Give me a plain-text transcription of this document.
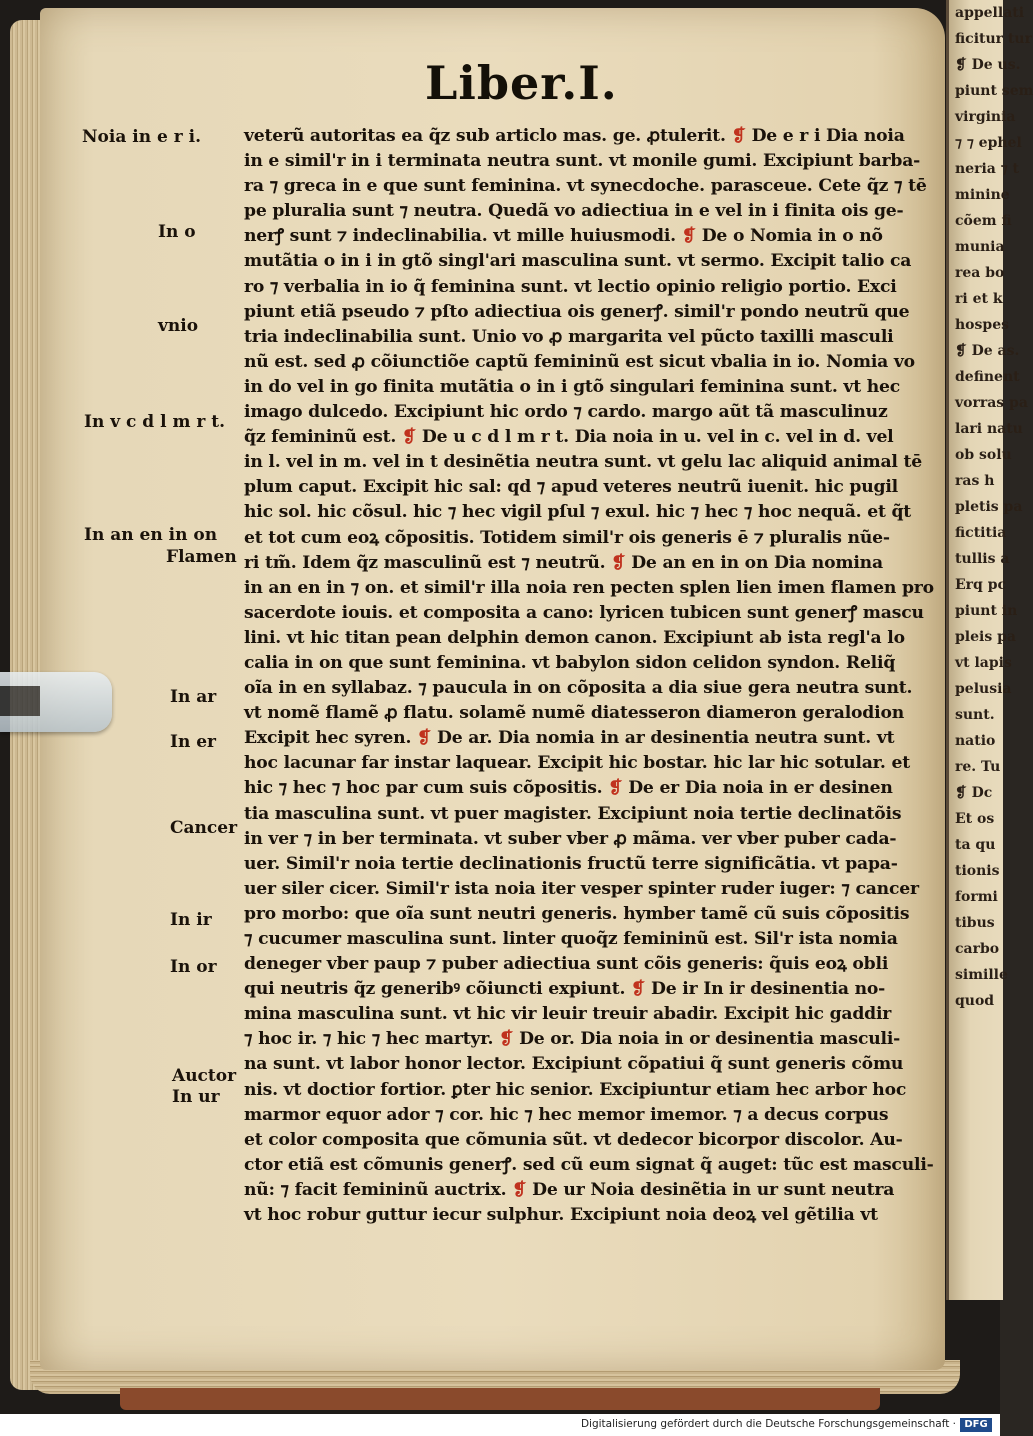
appellati
ficitur tur
❡ De us.
piunt sem
virginia
⁊ ⁊ ephel
neria ⁊ t
minine
cõem fi
munia
rea bo
ri et k
hospes
❡ De as.
definent
vorras pa
lari natu
ob solu
ras h
pletis pa
fictitia
tullis a
Erq pc
piunt in
pleis pa
vt lapis
pelusia
sunt.
natio
re. Tu
❡ Dc
Et os
ta qu
tionis
formi
tibus
carbo
simille
quod
Liber.I.
veterũ autoritas ea q̃z sub articlo mas. ge. ꝓtulerit. ❡ De e r i Dia noia
in e simil'r in i terminata neutra sunt. vt monile gumi. Excipiunt barba-
ra ⁊ greca in e que sunt feminina. vt synecdoche. parasceue. Cete q̃z ⁊ tē
pe pluralia sunt ⁊ neutra. Quedã vo adiectiua in e vel in i finita ois ge-
nerꝭ sunt ⁊ indeclinabilia. vt mille huiusmodi. ❡ De o Nomia in o nõ
mutãtia o in i in gtõ singl'ari masculina sunt. vt sermo. Excipit talio ca
ro ⁊ verbalia in io q̃ feminina sunt. vt lectio opinio religio portio. Exci
piunt etiã pseudo ⁊ pſto adiectiua ois generꝭ. simil'r pondo neutrũ que
tria indeclinabilia sunt. Unio vo ꝓ margarita vel pũcto taxilli masculi
nũ est. sed ꝓ cõiunctiõe captũ femininũ est sicut vbalia in io. Nomia vo
in do vel in go finita mutãtia o in i gtõ singulari feminina sunt. vt hec
imago dulcedo. Excipiunt hic ordo ⁊ cardo. margo aũt tã masculinuz
q̃z femininũ est. ❡ De u c d l m r t. Dia noia in u. vel in c. vel in d. vel
in l. vel in m. vel in t desinẽtia neutra sunt. vt gelu lac aliquid animal tē
plum caput. Excipit hic sal: qd ⁊ apud veteres neutrũ iuenit. hic pugil
hic sol. hic cõsul. hic ⁊ hec vigil pſul ⁊ exul. hic ⁊ hec ⁊ hoc nequã. et q̃t
et tot cum eoꝝ cõpositis. Totidem simil'r ois generis ē ⁊ pluralis nũe-
ri tm̃. Idem q̃z masculinũ est ⁊ neutrũ. ❡ De an en in on Dia nomina
in an en in ⁊ on. et simil'r illa noia ren pecten splen lien imen flamen pro
sacerdote iouis. et composita a cano: lyricen tubicen sunt generꝭ mascu
lini. vt hic titan pean delphin demon canon. Excipiunt ab ista regl'a lo
calia in on que sunt feminina. vt babylon sidon celidon syndon. Reliq̃
oĩa in en syllabaz. ⁊ paucula in on cõposita a dia siue gera neutra sunt.
vt nomẽ flamẽ ꝓ flatu. solamẽ numẽ diatesseron diameron geralodion
Excipit hec syren. ❡ De ar. Dia nomia in ar desinentia neutra sunt. vt
hoc lacunar far instar laquear. Excipit hic bostar. hic lar hic sotular. et
hic ⁊ hec ⁊ hoc par cum suis cõpositis. ❡ De er Dia noia in er desinen
tia masculina sunt. vt puer magister. Excipiunt noia tertie declinatõis
in ver ⁊ in ber terminata. vt suber vber ꝓ mãma. ver vber puber cada-
uer. Simil'r noia tertie declinationis fructũ terre significãtia. vt papa-
uer siler cicer. Simil'r ista noia iter vesper spinter ruder iuger: ⁊ cancer
pro morbo: que oĩa sunt neutri generis. hymber tamẽ cũ suis cõpositis
⁊ cucumer masculina sunt. linter quoq̃z femininũ est. Sil'r ista nomia
deneger vber paup ⁊ puber adiectiua sunt cõis generis: q̃uis eoꝝ obli
qui neutris q̃z generibꝰ cõiuncti expiunt. ❡ De ir In ir desinentia no-
mina masculina sunt. vt hic vir leuir treuir abadir. Excipit hic gaddir
⁊ hoc ir. ⁊ hic ⁊ hec martyr. ❡ De or. Dia noia in or desinentia masculi-
na sunt. vt labor honor lector. Excipiunt cõpatiui q̃ sunt generis cõmu
nis. vt doctior fortior. ꝑter hic senior. Excipiuntur etiam hec arbor hoc
marmor equor ador ⁊ cor. hic ⁊ hec memor imemor. ⁊ a decus corpus
et color composita que cõmunia sũt. vt dedecor bicorpor discolor. Au-
ctor etiã est cõmunis generꝭ. sed cũ eum signat q̃ auget: tũc est masculi-
nũ: ⁊ facit femininũ auctrix. ❡ De ur Noia desinẽtia in ur sunt neutra
vt hoc robur guttur iecur sulphur. Excipiunt noia deoꝝ vel gẽtilia vt
Noia in e r i.
In o
vnio
In v c d l m r t.
In an en in on
Flamen
In ar
In er
Cancer
In ir
In or
Auctor
In ur
Digitalisierung gefördert durch die Deutsche Forschungsgemeinschaft · DFG
